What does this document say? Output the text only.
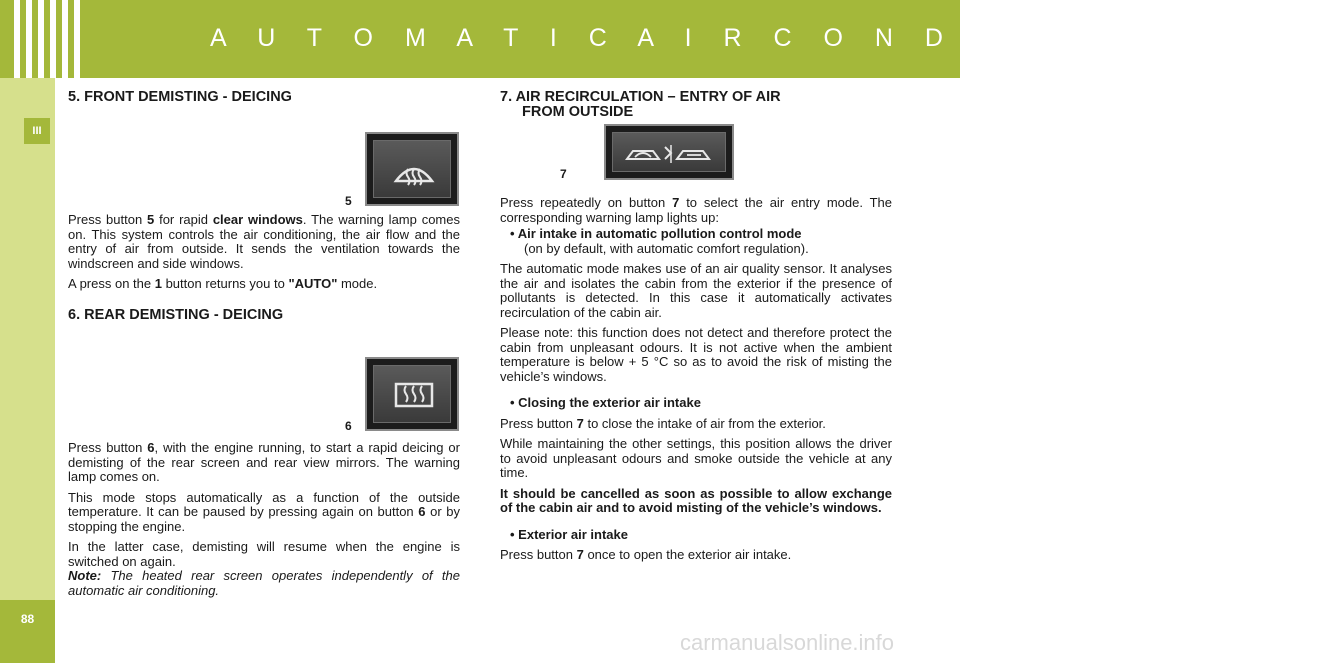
A U T O M A T I C A I R C O N D I T I O N I N G
III
88
5. FRONT DEMISTING - DEICING
5

Press button 5 for rapid clear windows. The warning lamp comes on. This system controls the air conditioning, the air flow and the entry of air from outside. It sends the ventilation towards the windscreen and side windows.

A press on the 1 button returns you to "AUTO" mode.

6. REAR DEMISTING - DEICING
6

Press button 6, with the engine running, to start a rapid deicing or demisting of the rear screen and rear view mirrors. The warning lamp comes on.

This mode stops automatically as a function of the outside temperature. It can be paused by pressing again on button 6 or by stopping the engine.

In the latter case, demisting will resume when the engine is switched on again.

Note: The heated rear screen operates independently of the automatic air conditioning.

7. AIR RECIRCULATION – ENTRY OF AIR
FROM OUTSIDE
7

Press repeatedly on button 7 to select the air entry mode. The corresponding warning lamp lights up:

• Air intake in automatic pollution control mode
(on by default, with automatic comfort regulation).

The automatic mode makes use of an air quality sensor. It analyses the air and isolates the cabin from the exterior if the presence of pollutants is detected. In this case it automatically activates recirculation of the cabin air.

Please note: this function does not detect and therefore protect the cabin from unpleasant odours. It is not active when the ambient temperature is below + 5 °C so as to avoid the risk of misting the vehicle’s windows.

• Closing the exterior air intake

Press button 7 to close the intake of air from the exterior.

While maintaining the other settings, this position allows the driver to avoid unpleasant odours and smoke outside the vehicle at any time.

It should be cancelled as soon as possible to allow exchange of the cabin air and to avoid misting of the vehicle’s windows.

• Exterior air intake

Press button 7 once to open the exterior air intake.

carmanualsonline.info
